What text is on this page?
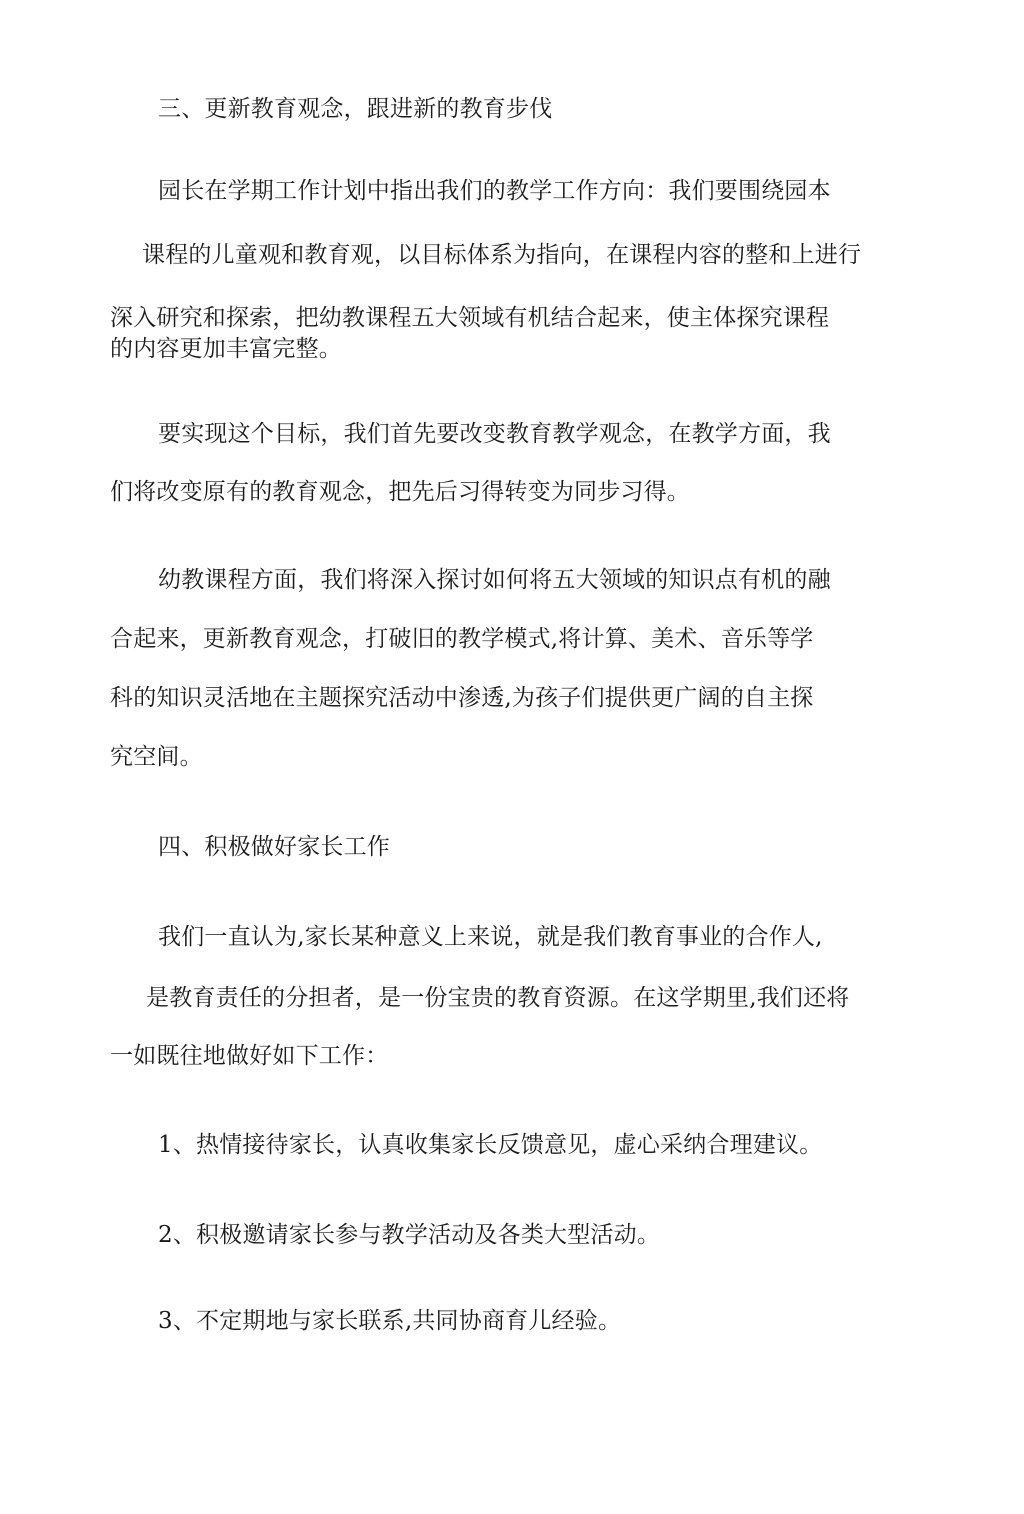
三、更新教育观念，跟进新的教育步伐
园长在学期工作计划中指出我们的教学工作方向：我们要围绕园本
课程的儿童观和教育观，以目标体系为指向，在课程内容的整和上进行
深入研究和探索，把幼教课程五大领域有机结合起来，使主体探究课程
的内容更加丰富完整。
要实现这个目标，我们首先要改变教育教学观念，在教学方面，我
们将改变原有的教育观念，把先后习得转变为同步习得。
幼教课程方面，我们将深入探讨如何将五大领域的知识点有机的融
合起来，更新教育观念，打破旧的教学模式,将计算、美术、音乐等学
科的知识灵活地在主题探究活动中渗透,为孩子们提供更广阔的自主探
究空间。
四、积极做好家长工作
我们一直认为,家长某种意义上来说，就是我们教育事业的合作人,
是教育责任的分担者，是一份宝贵的教育资源。在这学期里,我们还将
一如既往地做好如下工作：
1、热情接待家长，认真收集家长反馈意见，虚心采纳合理建议。
2、积极邀请家长参与教学活动及各类大型活动。
3、不定期地与家长联系,共同协商育儿经验。
